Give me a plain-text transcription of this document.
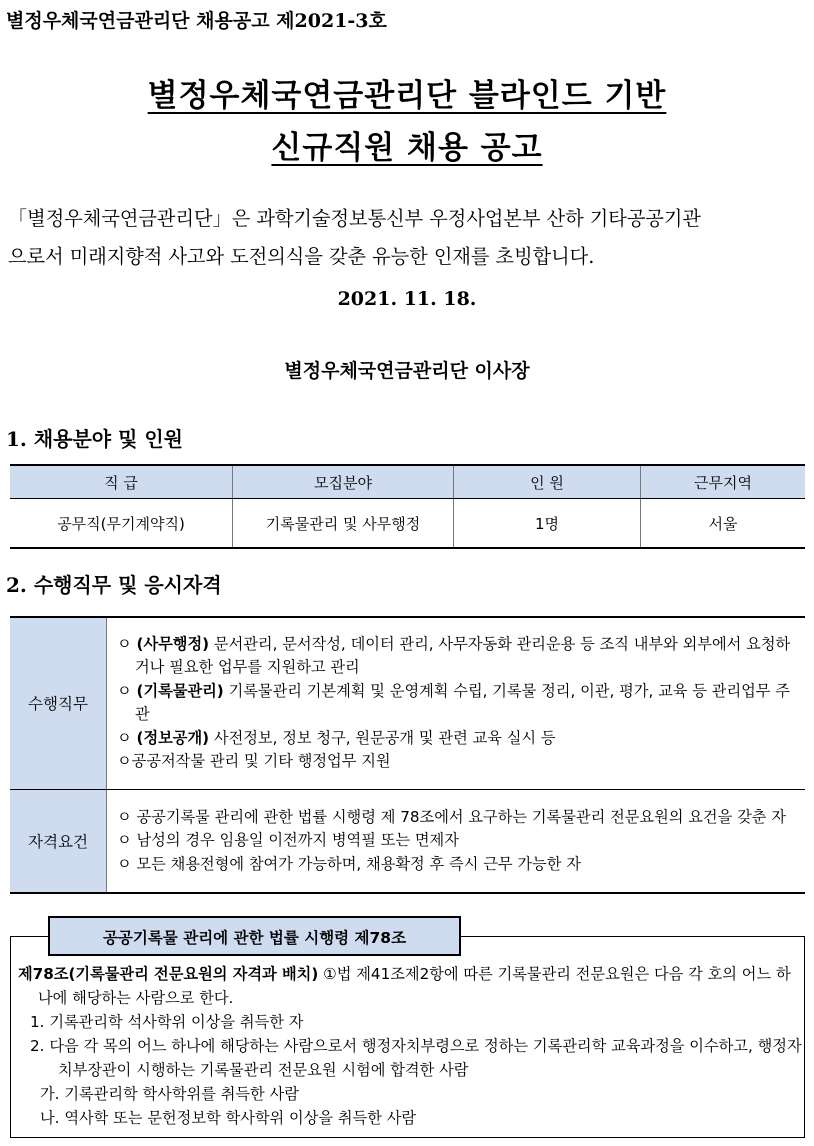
별정우체국연금관리단 채용공고 제2021-3호
별정우체국연금관리단 블라인드 기반
신규직원 채용 공고
「별정우체국연금관리단」은 과학기술정보통신부 우정사업본부 산하 기타공공기관
으로서 미래지향적 사고와 도전의식을 갖춘 유능한 인재를 초빙합니다.
2021. 11. 18.
별정우체국연금관리단 이사장
1. 채용분야 및 인원
직 급	모집분야	인 원	근무지역
공무직(무기계약직)	기록물관리 및 사무행정	1명	서울
2. 수행직무 및 응시자격
수행직무	ㅇ (사무행정) 문서관리, 문서작성, 데이터 관리, 사무자동화 관리운용 등 조직 내부와 외부에서 요청하거나 필요한 업무를 지원하고 관리
ㅇ (기록물관리) 기록물관리 기본계획 및 운영계획 수립, 기록물 정리, 이관, 평가, 교육 등 관리업무 주관
ㅇ (정보공개) 사전정보, 정보 청구, 원문공개 및 관련 교육 실시 등
ㅇ공공저작물 관리 및 기타 행정업무 지원

자격요건	ㅇ 공공기록물 관리에 관한 법률 시행령 제 78조에서 요구하는 기록물관리 전문요원의 요건을 갖춘 자
ㅇ 남성의 경우 임용일 이전까지 병역필 또는 면제자
ㅇ 모든 채용전형에 참여가 가능하며, 채용확정 후 즉시 근무 가능한 자
공공기록물 관리에 관한 법률 시행령 제78조
제78조(기록물관리 전문요원의 자격과 배치) ①법 제41조제2항에 따른 기록물관리 전문요원은 다음 각 호의 어느 하나에 해당하는 사람으로 한다.
1. 기록관리학 석사학위 이상을 취득한 자
2. 다음 각 목의 어느 하나에 해당하는 사람으로서 행정자치부령으로 정하는 기록관리학 교육과정을 이수하고, 행정자치부장관이 시행하는 기록물관리 전문요원 시험에 합격한 사람
가. 기록관리학 학사학위를 취득한 사람
나. 역사학 또는 문헌정보학 학사학위 이상을 취득한 사람
